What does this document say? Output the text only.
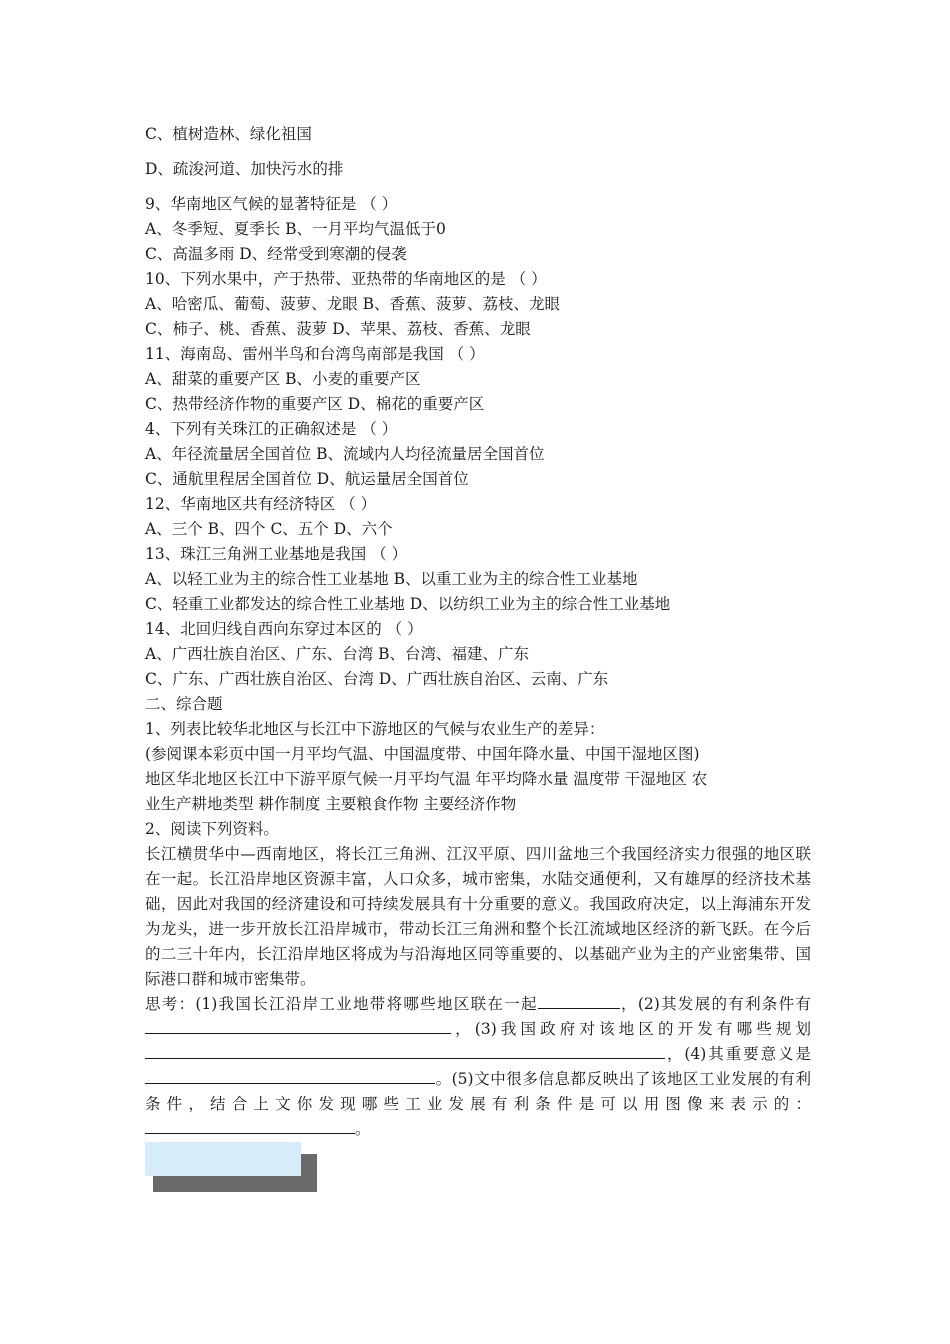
C、植树造林、绿化祖国
D、疏浚河道、加快污水的排
9、华南地区气候的显著特征是 （ ）
A、冬季短、夏季长 B、一月平均气温低于0
C、高温多雨 D、经常受到寒潮的侵袭
10、下列水果中，产于热带、亚热带的华南地区的是 （ ）
A、哈密瓜、葡萄、菠萝、龙眼 B、香蕉、菠萝、荔枝、龙眼
C、柿子、桃、香蕉、菠萝 D、苹果、荔枝、香蕉、龙眼
11、海南岛、雷州半鸟和台湾鸟南部是我国 （ ）
A、甜菜的重要产区 B、小麦的重要产区
C、热带经济作物的重要产区 D、棉花的重要产区
4、下列有关珠江的正确叙述是 （ ）
A、年径流量居全国首位 B、流域内人均径流量居全国首位
C、通航里程居全国首位 D、航运量居全国首位
12、华南地区共有经济特区 （ ）
A、三个 B、四个 C、五个 D、六个
13、珠江三角洲工业基地是我国 （ ）
A、以轻工业为主的综合性工业基地 B、以重工业为主的综合性工业基地
C、轻重工业都发达的综合性工业基地 D、以纺织工业为主的综合性工业基地
14、北回归线自西向东穿过本区的 （ ）
A、广西壮族自治区、广东、台湾 B、台湾、福建、广东
C、广东、广西壮族自治区、台湾 D、广西壮族自治区、云南、广东
二、综合题
1、列表比较华北地区与长江中下游地区的气候与农业生产的差异：
(参阅课本彩页中国一月平均气温、中国温度带、中国年降水量、中国干湿地区图)
地区华北地区长江中下游平原气候一月平均气温 年平均降水量 温度带 干湿地区 农
业生产耕地类型 耕作制度 主要粮食作物 主要经济作物
2、阅读下列资料。
长江横贯华中—西南地区，将长江三角洲、江汉平原、四川盆地三个我国经济实力很强的地区联在一起。长江沿岸地区资源丰富，人口众多，城市密集，水陆交通便利，又有雄厚的经济技术基础，因此对我国的经济建设和可持续发展具有十分重要的意义。我国政府决定，以上海浦东开发为龙头，进一步开放长江沿岸城市，带动长江三角洲和整个长江流域地区经济的新飞跃。在今后的二三十年内，长江沿岸地区将成为与沿海地区同等重要的、以基础产业为主的产业密集带、国际港口群和城市密集带。
思考：(1)我国长江沿岸工业地带将哪些地区联在一起	，(2)其发展的有利条件有，(3)我国政府对该地区的开发有哪些规划，(4)其重要意义是。(5)文中很多信息都反映出了该地区工业发展的有利条件，结合上文你发现哪些工业发展有利条件是可以用图像来表示的：。
